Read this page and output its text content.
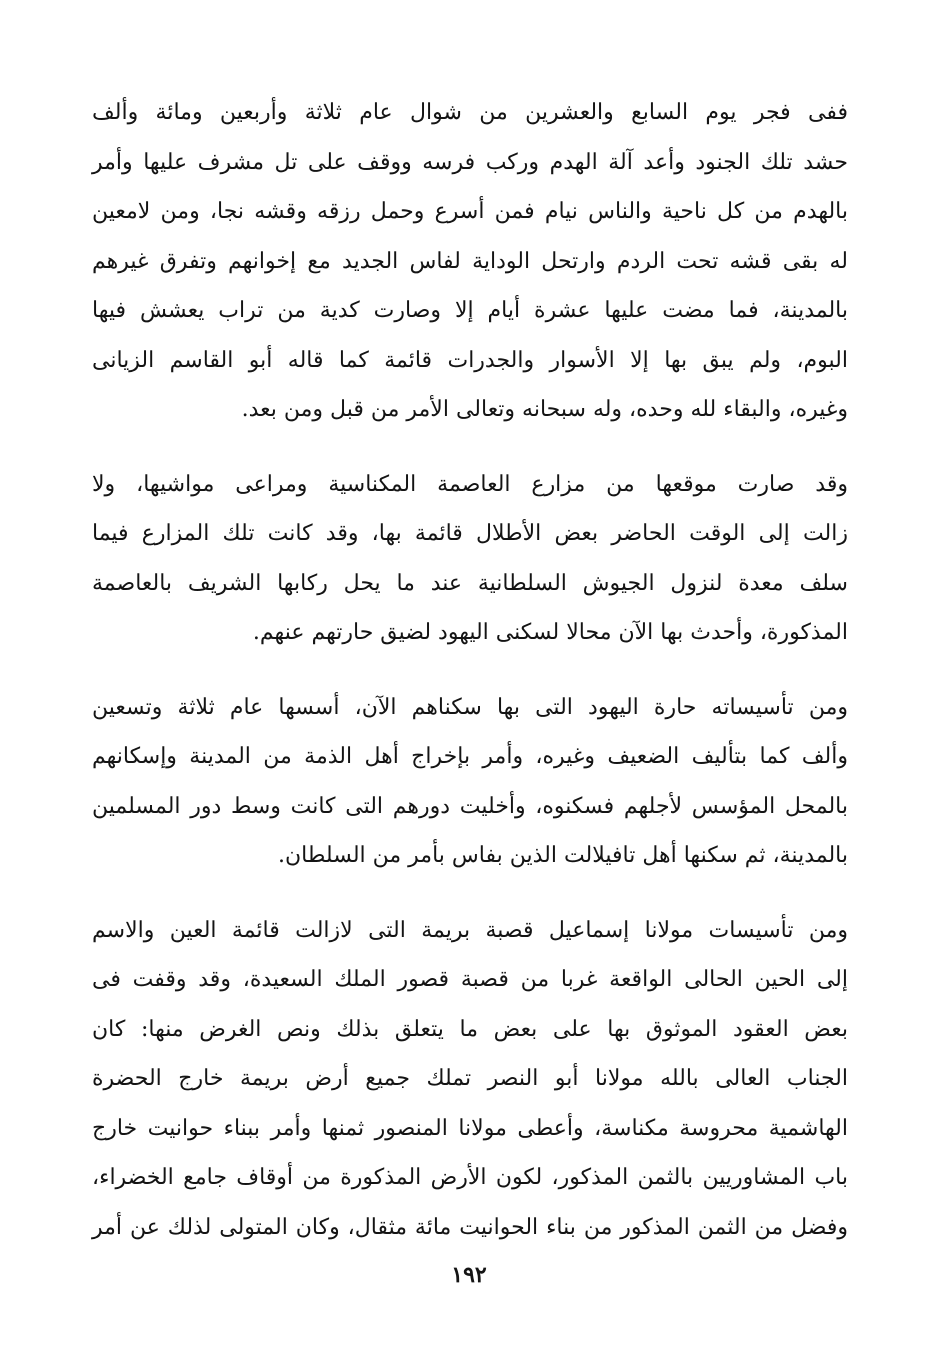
ففى فجر يوم السابع والعشرين من شوال عام ثلاثة وأربعين ومائة وألف
حشد تلك الجنود وأعد آلة الهدم وركب فرسه ووقف على تل مشرف عليها وأمر
بالهدم من كل ناحية والناس نيام فمن أسرع وحمل رزقه وقشه نجا، ومن لامعين
له بقى قشه تحت الردم وارتحل الوداية لفاس الجديد مع إخوانهم وتفرق غيرهم
بالمدينة، فما مضت عليها عشرة أيام إلا وصارت كدية من تراب يعشش فيها
البوم، ولم يبق بها إلا الأسوار والجدرات قائمة كما قاله أبو القاسم الزيانى
وغيره، والبقاء لله وحده، وله سبحانه وتعالى الأمر من قبل ومن بعد.

وقد صارت موقعها من مزارع العاصمة المكناسية ومراعى مواشيها، ولا
زالت إلى الوقت الحاضر بعض الأطلال قائمة بها، وقد كانت تلك المزارع فيما
سلف معدة لنزول الجيوش السلطانية عند ما يحل ركابها الشريف بالعاصمة
المذكورة، وأحدث بها الآن محالا لسكنى اليهود لضيق حارتهم عنهم.

ومن تأسيساته حارة اليهود التى بها سكناهم الآن، أسسها عام ثلاثة وتسعين
وألف كما بتأليف الضعيف وغيره، وأمر بإخراج أهل الذمة من المدينة وإسكانهم
بالمحل المؤسس لأجلهم فسكنوه، وأخليت دورهم التى كانت وسط دور المسلمين
بالمدينة، ثم سكنها أهل تافيلالت الذين بفاس بأمر من السلطان.

ومن تأسيسات مولانا إسماعيل قصبة بريمة التى لازالت قائمة العين والاسم
إلى الحين الحالى الواقعة غربا من قصبة قصور الملك السعيدة، وقد وقفت فى
بعض العقود الموثوق بها على بعض ما يتعلق بذلك ونص الغرض منها: كان
الجناب العالى بالله مولانا أبو النصر تملك جميع أرض بريمة خارج الحضرة
الهاشمية محروسة مكناسة، وأعطى مولانا المنصور ثمنها وأمر ببناء حوانيت خارج
باب المشاوريين بالثمن المذكور، لكون الأرض المذكورة من أوقاف جامع الخضراء،
وفضل من الثمن المذكور من بناء الحوانيت مائة مثقال، وكان المتولى لذلك عن أمر

١٩٢
